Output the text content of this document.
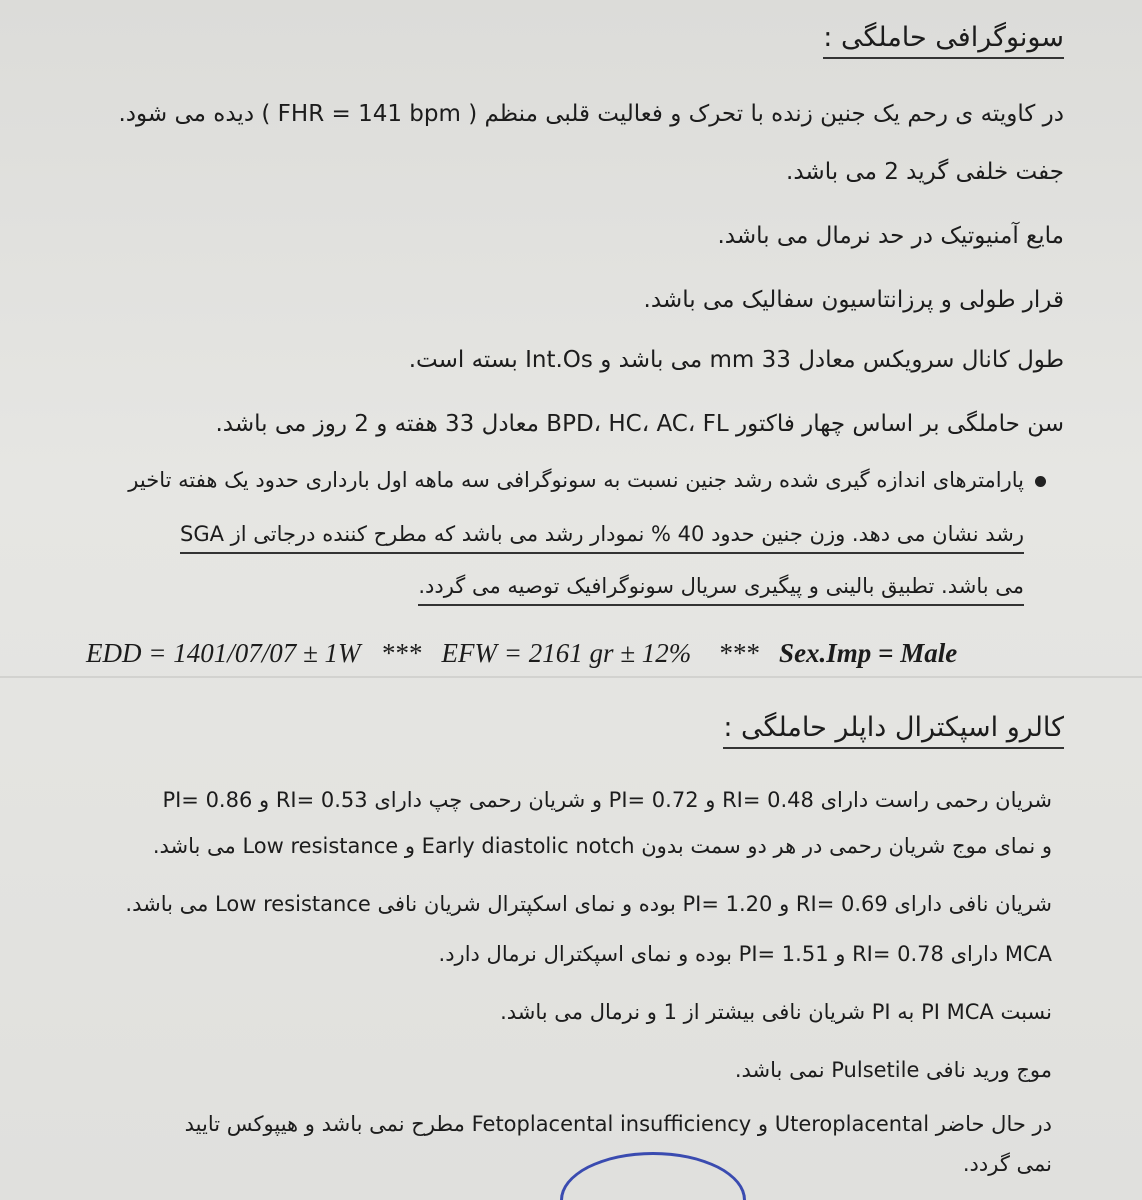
سونوگرافی حاملگی :
در کاویته ی رحم یک جنین زنده با تحرک و فعالیت قلبی منظم ( FHR = 141 bpm ) دیده می شود.
جفت خلفی گرید 2 می باشد.
مایع آمنیوتیک در حد نرمال می باشد.
قرار طولی و پرزانتاسیون سفالیک می باشد.
طول کانال سرویکس معادل 33 mm می باشد و Int.Os بسته است.
سن حاملگی بر اساس چهار فاکتور BPD، HC، AC، FL معادل 33 هفته و 2 روز می باشد.
پارامترهای اندازه گیری شده رشد جنین نسبت به سونوگرافی سه ماهه اول بارداری حدود یک هفته تاخیر
رشد نشان می دهد. وزن جنین حدود 40 % نمودار رشد می باشد که مطرح کننده درجاتی از SGA
می باشد. تطبیق بالینی و پیگیری سریال سونوگرافیک توصیه می گردد.
EDD = 1401/07/07 ± 1W *** EFW = 2161 gr ± 12% *** Sex.Imp = Male
کالرو اسپکترال داپلر حاملگی :
شریان رحمی راست دارای RI= 0.48 و PI= 0.72 و شریان رحمی چپ دارای RI= 0.53 و PI= 0.86
و نمای موج شریان رحمی در هر دو سمت بدون Early diastolic notch و Low resistance می باشد.
شریان نافی دارای RI= 0.69 و PI= 1.20 بوده و نمای اسکپترال شریان نافی Low resistance می باشد.
MCA دارای RI= 0.78 و PI= 1.51 بوده و نمای اسپکترال نرمال دارد.
نسبت PI MCA به PI شریان نافی بیشتر از 1 و نرمال می باشد.
موج ورید نافی Pulsetile نمی باشد.
در حال حاضر Uteroplacental و Fetoplacental insufficiency مطرح نمی باشد و هیپوکس تایید
نمی گردد.
